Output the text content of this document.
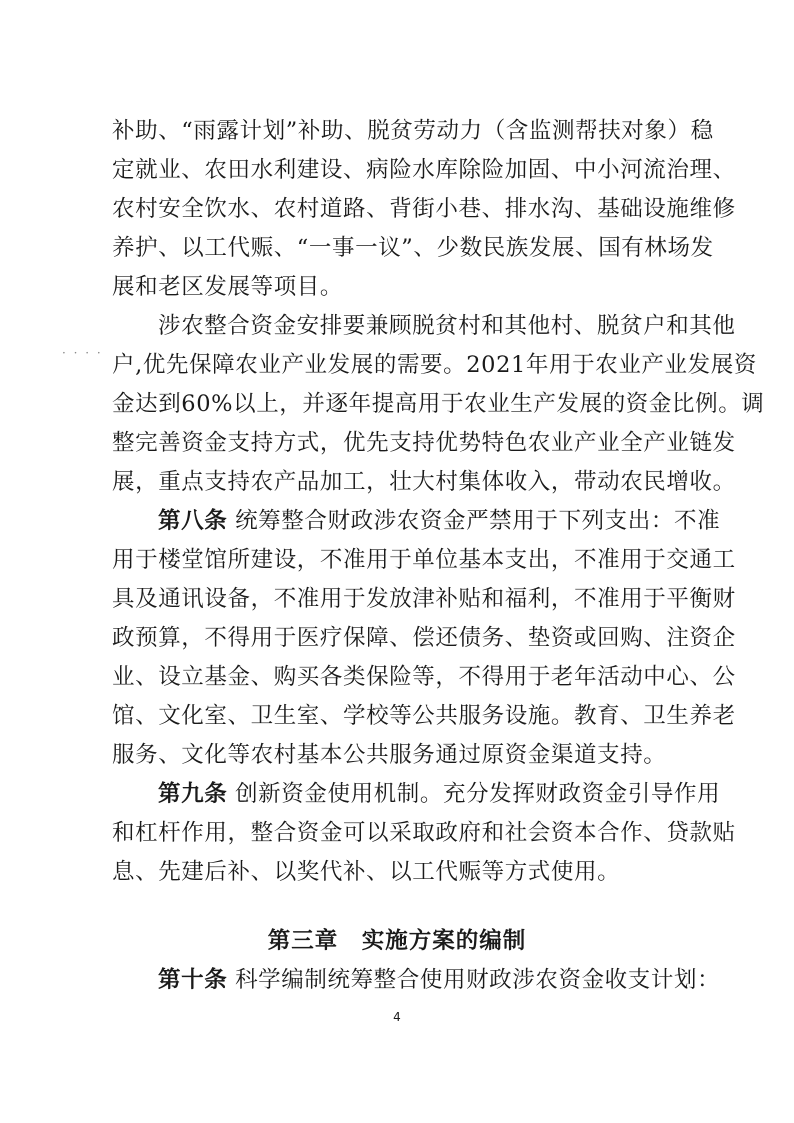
补助、“雨露计划”补助、脱贫劳动力（含监测帮扶对象）稳
定就业、农田水利建设、病险水库除险加固、中小河流治理、
农村安全饮水、农村道路、背街小巷、排水沟、基础设施维修
养护、以工代赈、“一事一议”、少数民族发展、国有林场发
展和老区发展等项目。
涉农整合资金安排要兼顾脱贫村和其他村、脱贫户和其他
· · · · 户,优先保障农业产业发展的需要。2021年用于农业产业发展资
金达到60%以上，并逐年提高用于农业生产发展的资金比例。调
整完善资金支持方式，优先支持优势特色农业产业全产业链发
展，重点支持农产品加工，壮大村集体收入，带动农民增收。
第八条 统筹整合财政涉农资金严禁用于下列支出：不准
用于楼堂馆所建设，不准用于单位基本支出，不准用于交通工
具及通讯设备，不准用于发放津补贴和福利，不准用于平衡财
政预算，不得用于医疗保障、偿还债务、垫资或回购、注资企
业、设立基金、购买各类保险等，不得用于老年活动中心、公
馆、文化室、卫生室、学校等公共服务设施。教育、卫生养老
服务、文化等农村基本公共服务通过原资金渠道支持。
第九条 创新资金使用机制。充分发挥财政资金引导作用
和杠杆作用，整合资金可以采取政府和社会资本合作、贷款贴
息、先建后补、以奖代补、以工代赈等方式使用。
第三章　实施方案的编制
第十条 科学编制统筹整合使用财政涉农资金收支计划：
4
